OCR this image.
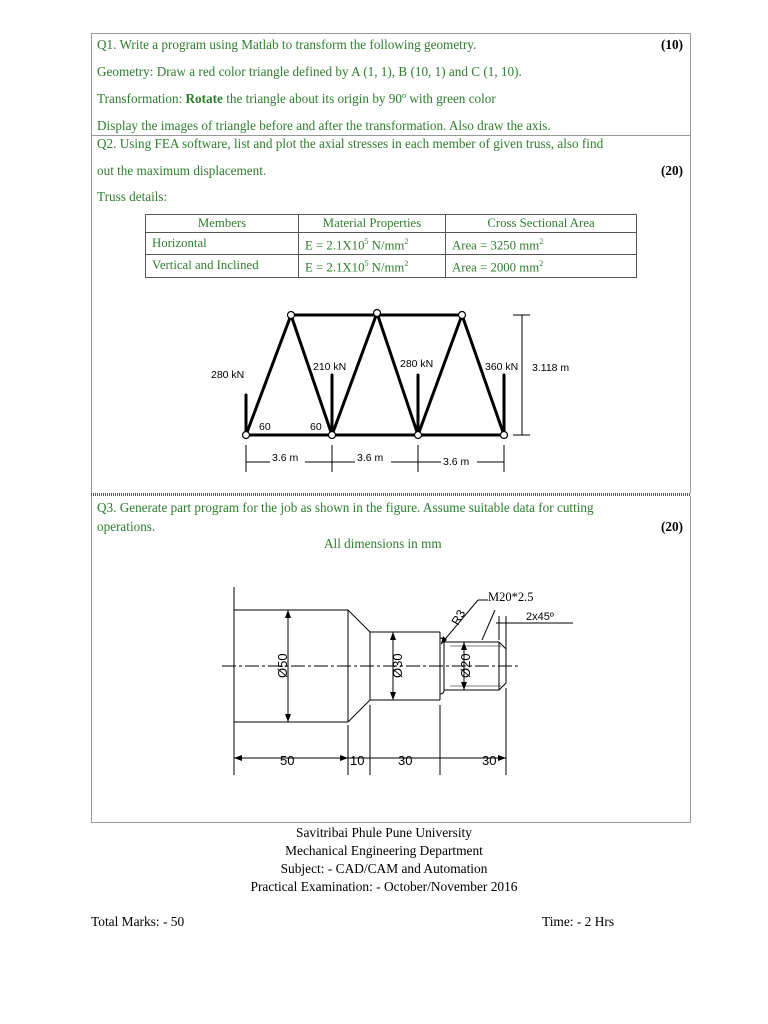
Q1. Write a program using Matlab to transform the following geometry.	(10)
Geometry: Draw a red color triangle defined by A (1, 1), B (10, 1) and C (1, 10).
Transformation: Rotate the triangle about its origin by 90º with green color
Display the images of triangle before and after the transformation. Also draw the axis.
Q2. Using FEA software, list and plot the axial stresses in each member of given truss, also find
out the maximum displacement.	(20)
Truss details:
Members	Material Properties	Cross Sectional Area
Horizontal	$E = 2.1X10^5$ $N/mm^2$	Area = 3250 $mm^2$
Vertical and Inclined	$E = 2.1X10^5$ $N/mm^2$	Area = 2000 $mm^2$
280 kN
210 kN	280 kN	360 kN 3.118 m
60	60
3.6 m	3.6 m	3.6 m
Q3. Generate part program for the job as shown in the figure. Assume suitable data for cutting
operations.	(20)
All dimensions in mm
Ø50	Ø30	Ø20
50	10	30	30
R3	2x45º
M20*2.5
Savitribai Phule Pune University
Mechanical Engineering Department
Subject: - CAD/CAM and Automation
Practical Examination: - October/November 2016
Total Marks: - 50	Time: - 2 Hrs
